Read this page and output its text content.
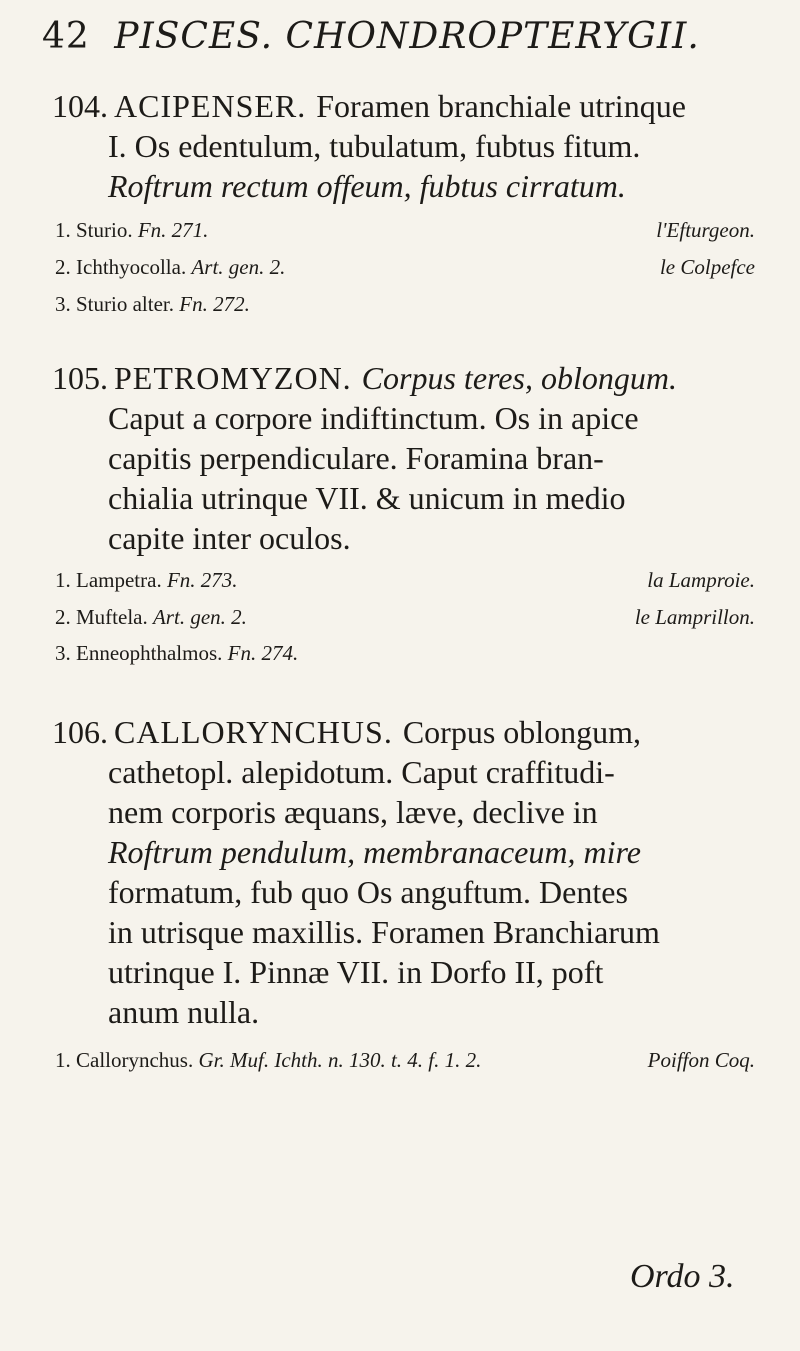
42 PISCES. CHONDROPTERYGII.
104. ACIPENSER. Foramen branchiale utrinque
I. Os edentulum, tubulatum, fubtus fitum.
Roftrum rectum offeum, fubtus cirratum.
1. Sturio. Fn. 271.	l'Efturgeon.
2. Ichthyocolla. Art. gen. 2.	le Colpefce
3. Sturio alter. Fn. 272.
105. PETROMYZON. Corpus teres, oblongum.
Caput a corpore indiftinctum. Os in apice
capitis perpendiculare. Foramina bran-
chialia utrinque VII. & unicum in medio
capite inter oculos.
1. Lampetra. Fn. 273.	la Lamproie.
2. Muftela. Art. gen. 2.	le Lamprillon.
3. Enneophthalmos. Fn. 274.
106. CALLORYNCHUS. Corpus oblongum,
cathetopl. alepidotum. Caput craffitudi-
nem corporis æquans, læve, declive in
Roftrum pendulum, membranaceum, mire
formatum, fub quo Os anguftum. Dentes
in utrisque maxillis. Foramen Branchiarum
utrinque I. Pinnæ VII. in Dorfo II, poft
anum nulla.
1. Callorynchus. Gr. Muf. Ichth. n. 130. t. 4. f. 1. 2.	Poiffon Coq.
Ordo 3.
